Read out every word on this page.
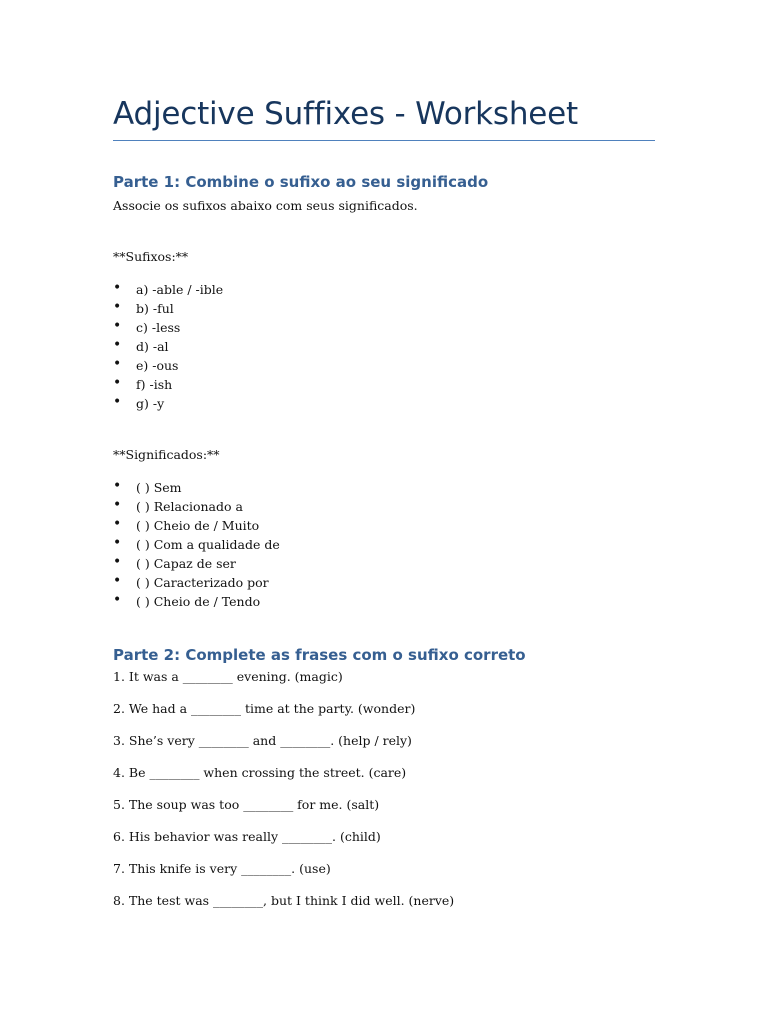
Adjective Suffixes - Worksheet
Parte 1: Combine o sufixo ao seu significado
Associe os sufixos abaixo com seus significados.
**Sufixos:**
• a) -able / -ible
• b) -ful
• c) -less
• d) -al
• e) -ous
• f) -ish
• g) -y
**Significados:**
• ( ) Sem
• ( ) Relacionado a
• ( ) Cheio de / Muito
• ( ) Com a qualidade de
• ( ) Capaz de ser
• ( ) Caracterizado por
• ( ) Cheio de / Tendo
Parte 2: Complete as frases com o sufixo correto
1. It was a ________ evening. (magic)
2. We had a ________ time at the party. (wonder)
3. She’s very ________ and ________. (help / rely)
4. Be ________ when crossing the street. (care)
5. The soup was too ________ for me. (salt)
6. His behavior was really ________. (child)
7. This knife is very ________. (use)
8. The test was ________, but I think I did well. (nerve)
